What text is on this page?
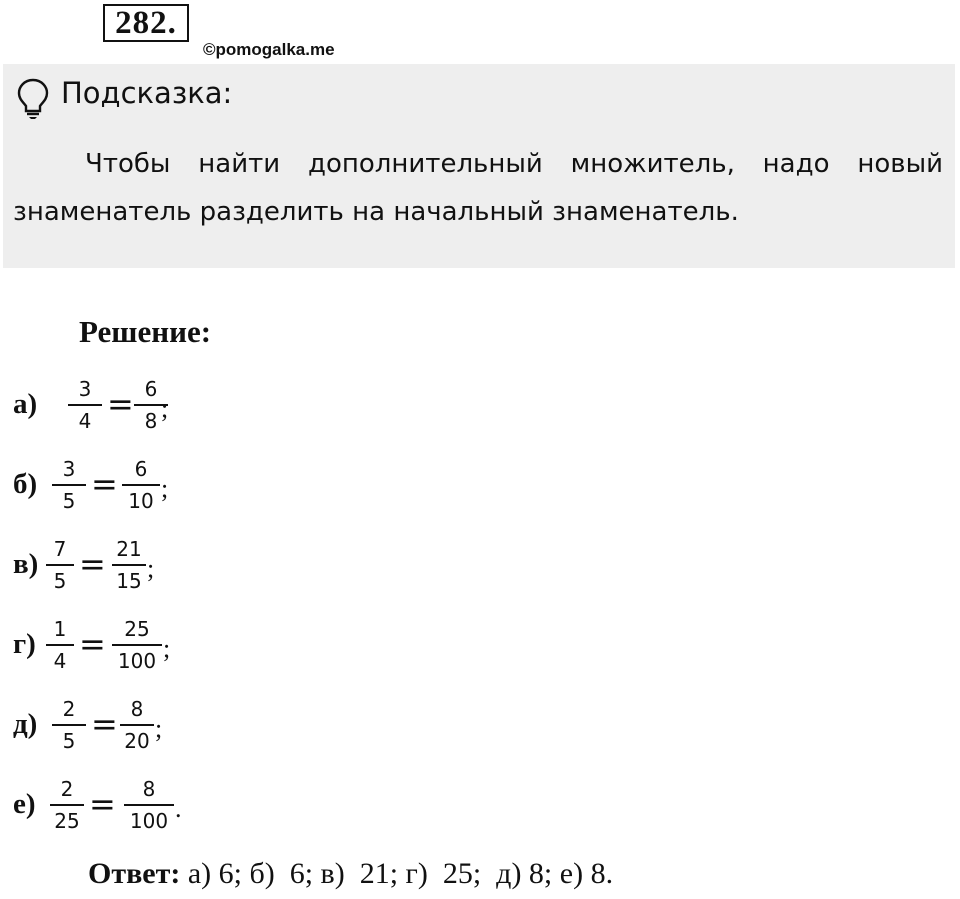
282.
©pomogalka.me
Подсказка:
Чтобы найти дополнительный множитель, надо новый знаменатель разделить на начальный знаменатель.
Решение:
а)	3
4 = 6
8 ;
б)	3
5 = 6
10 ;
в) 7
5 = 21
15 ;
г) 1
4 = 25
100 ;
д)	2
5 = 8
20 ;
е)	2
25 =	8
100 .
Ответ: а) 6; б)  6; в)  21; г)  25;  д) 8; е) 8.
